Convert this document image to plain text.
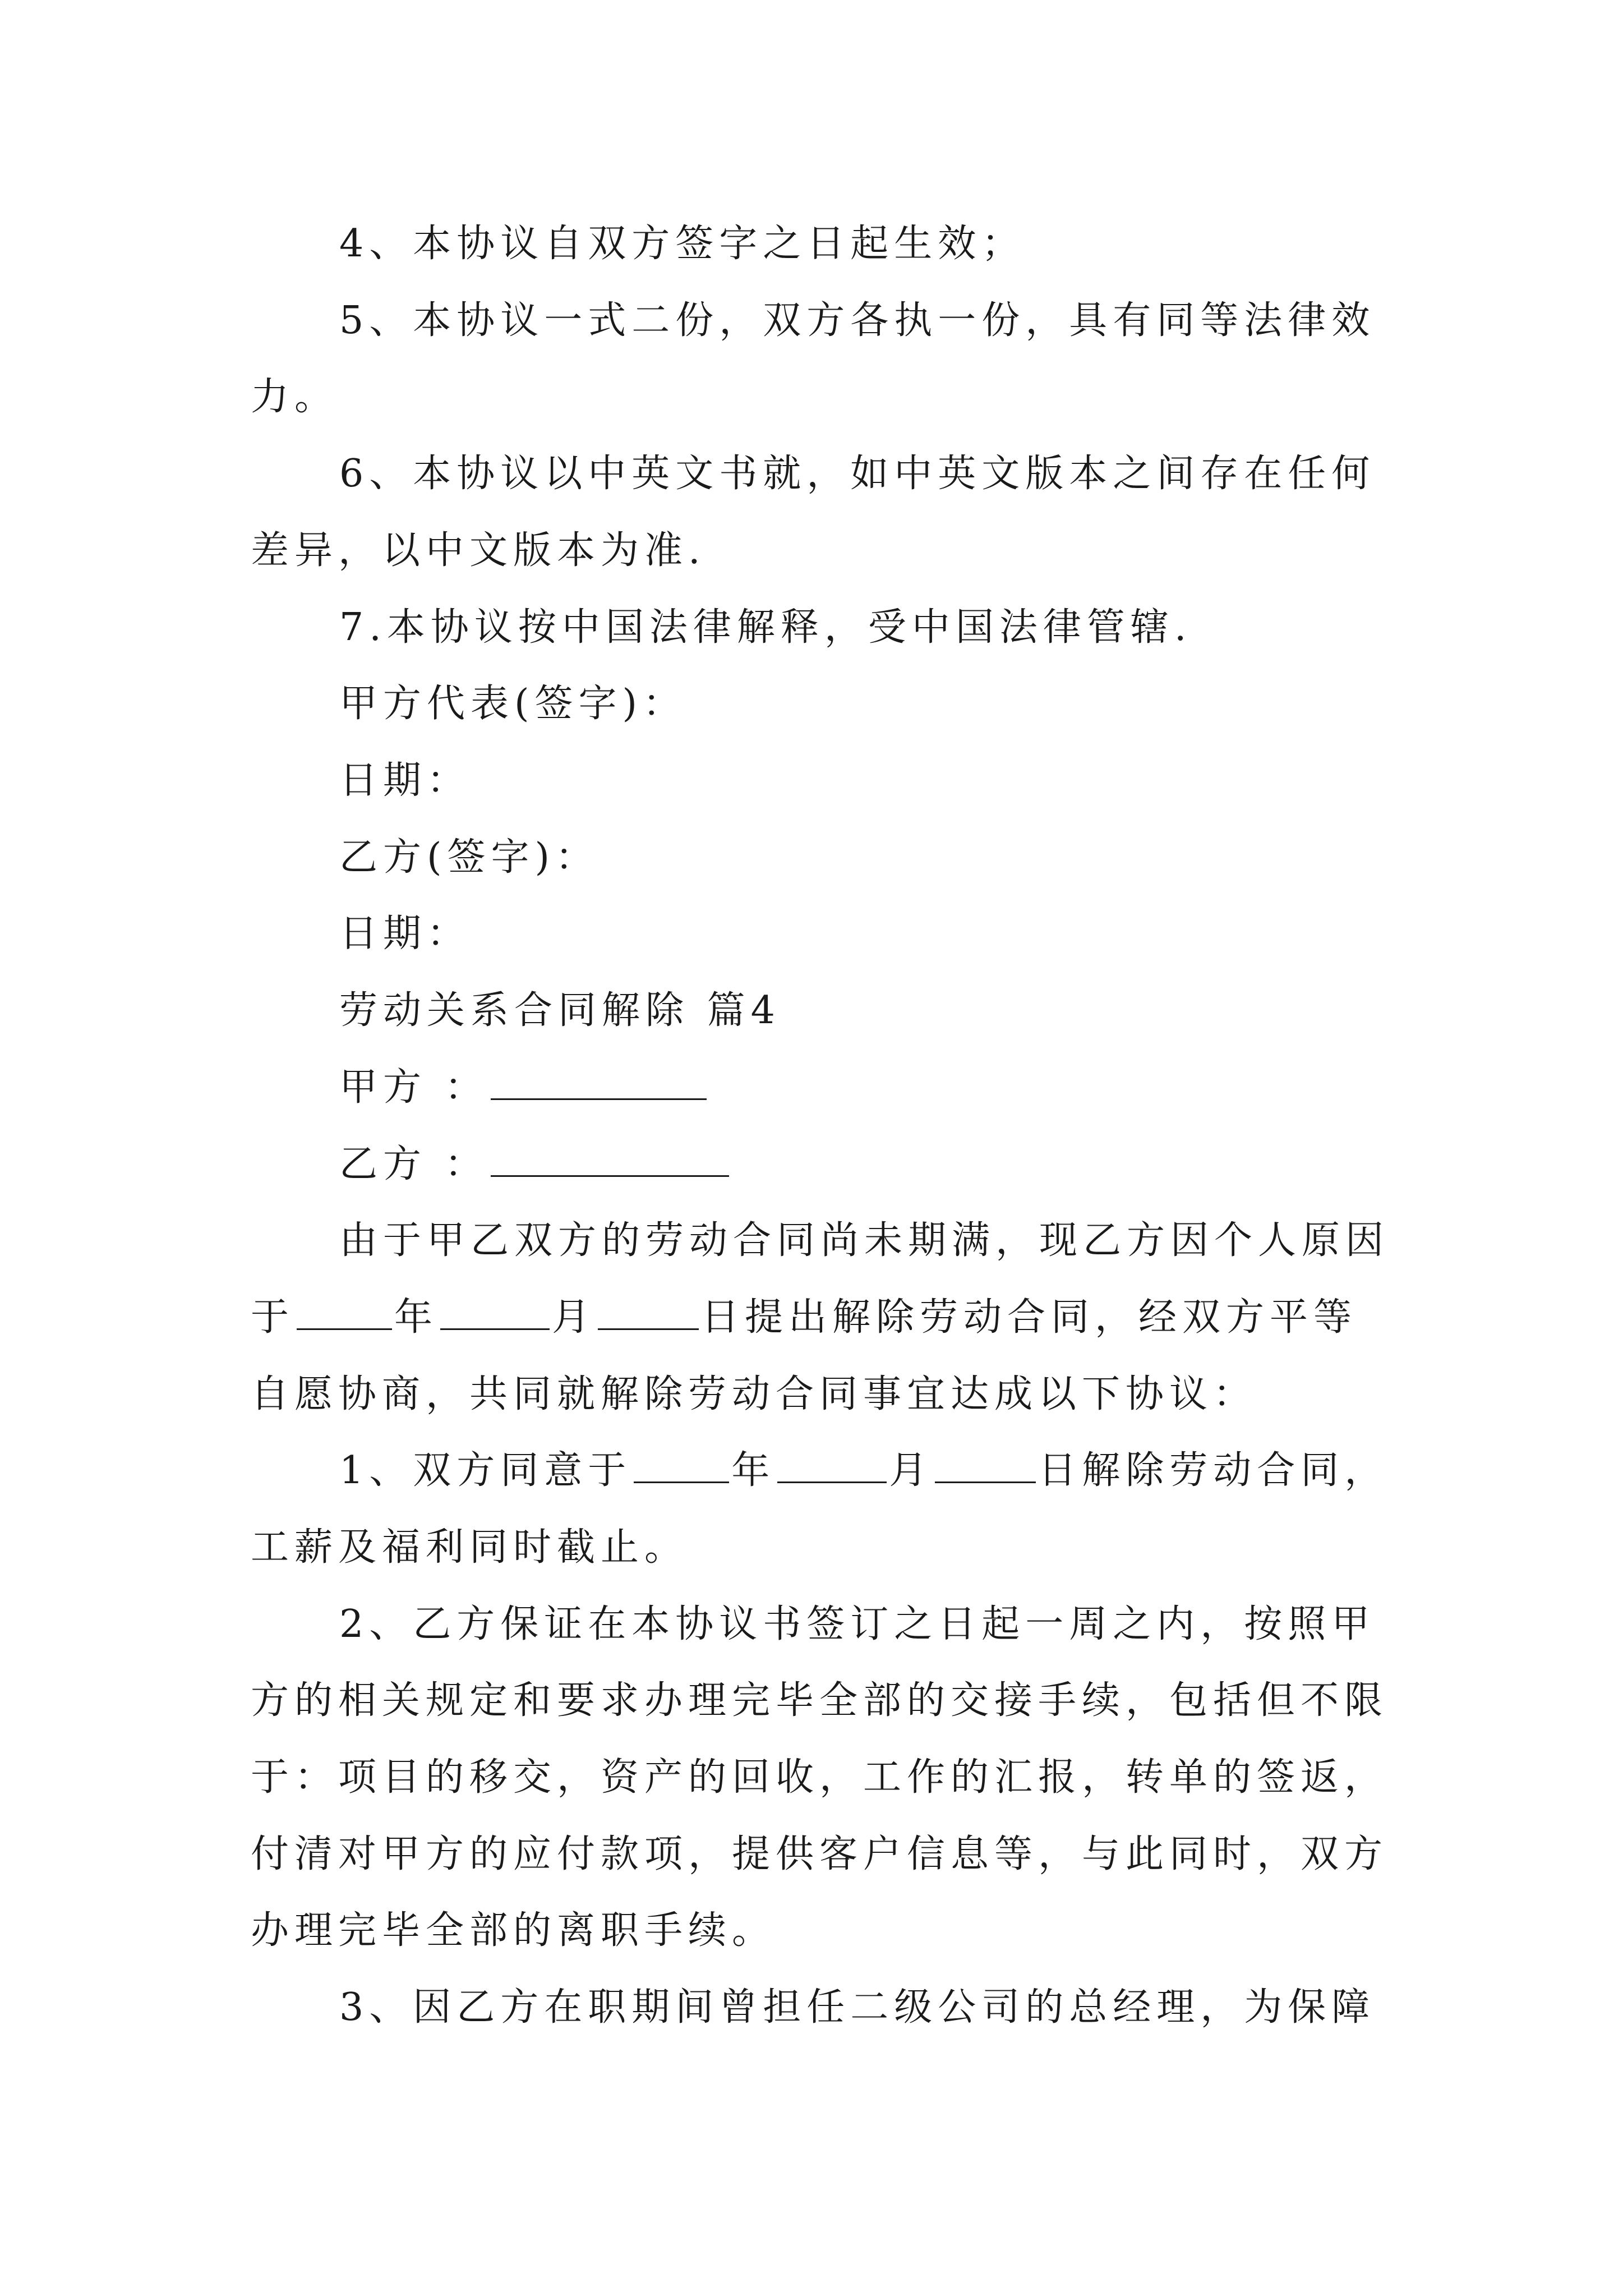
4、本协议自双方签字之日起生效；

5、本协议一式二份，双方各执一份，具有同等法律效

力。

6、本协议以中英文书就，如中英文版本之间存在任何

差异，以中文版本为准.

7.本协议按中国法律解释，受中国法律管辖.

甲方代表(签字)：

日期：

乙方(签字)：

日期：

劳动关系合同解除 篇4

甲方 ：

乙方 ：

由于甲乙双方的劳动合同尚未期满，现乙方因个人原因

于	年	月	日提出解除劳动合同，经双方平等

自愿协商，共同就解除劳动合同事宜达成以下协议：

1、双方同意于	年	月	日解除劳动合同，

工薪及福利同时截止。

2、乙方保证在本协议书签订之日起一周之内，按照甲

方的相关规定和要求办理完毕全部的交接手续，包括但不限

于：项目的移交，资产的回收，工作的汇报，转单的签返，

付清对甲方的应付款项，提供客户信息等，与此同时，双方

办理完毕全部的离职手续。

3、因乙方在职期间曾担任二级公司的总经理，为保障
